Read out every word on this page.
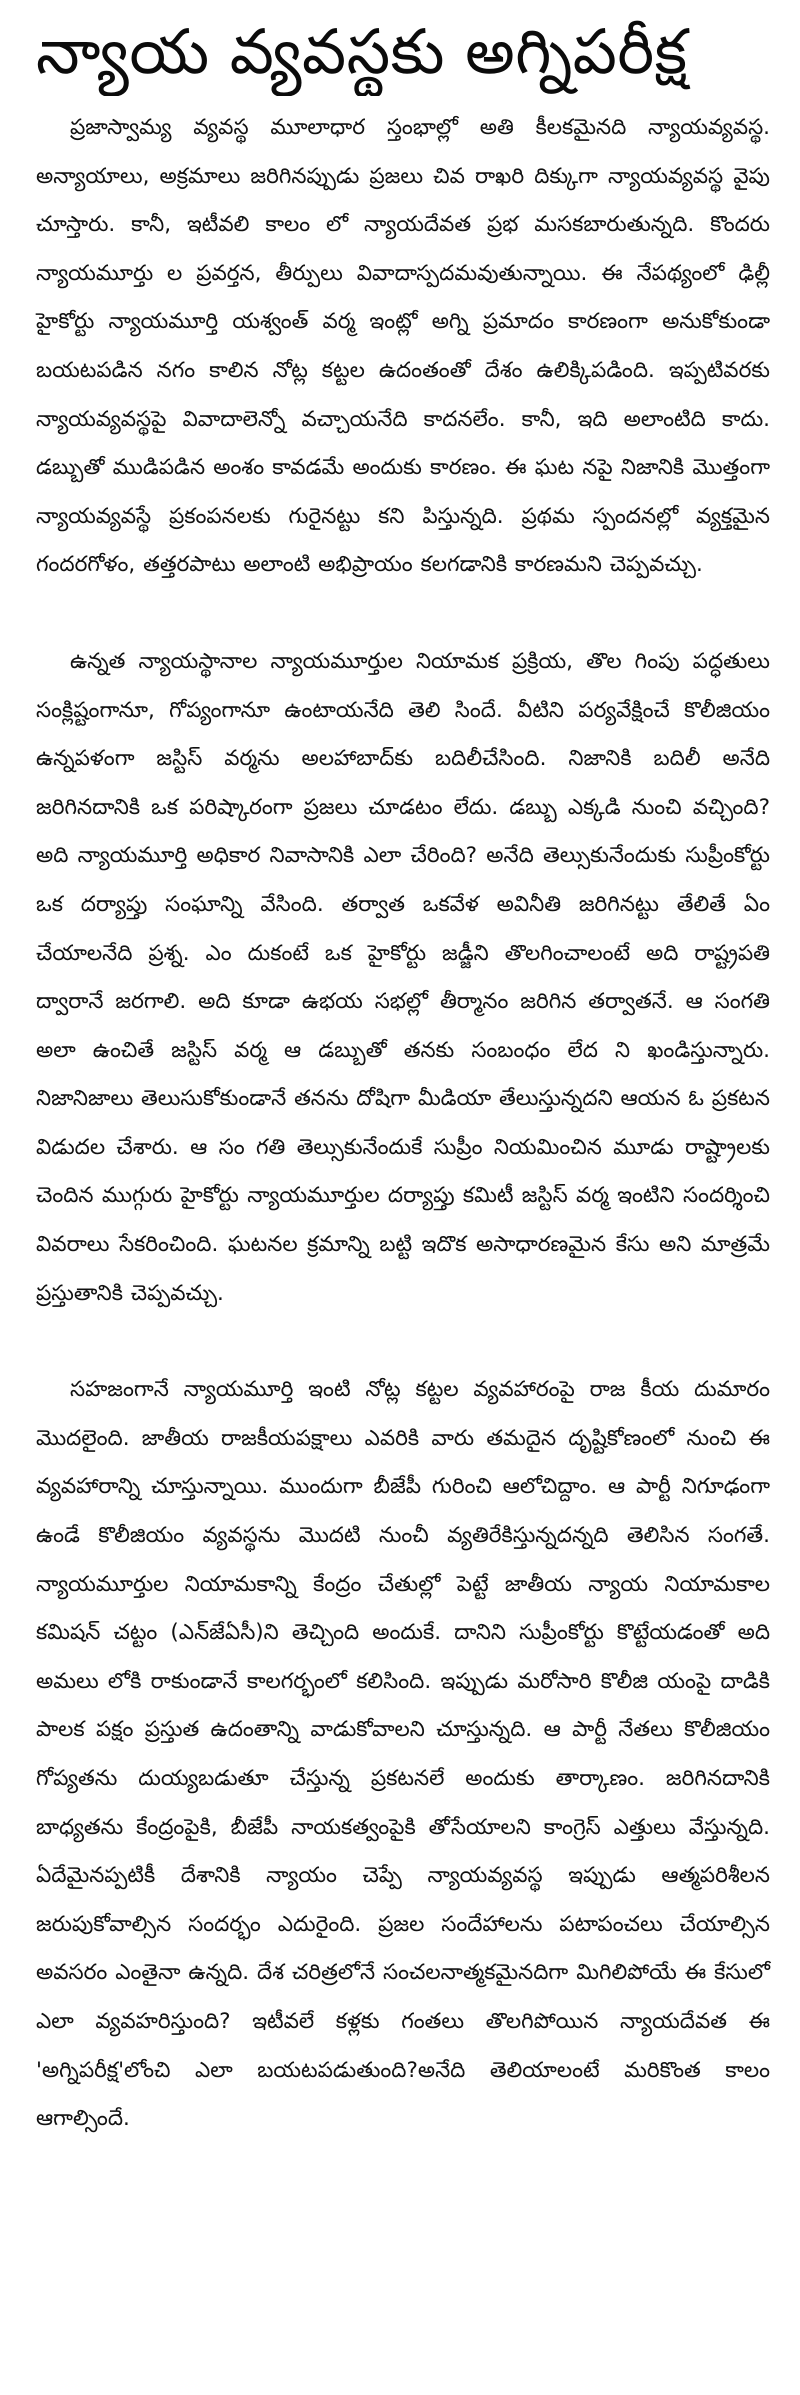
న్యాయ వ్యవస్థకు అగ్నిపరీక్ష

ప్రజాస్వామ్య వ్యవస్థ మూలాధార స్తంభాల్లో అతి కీలకమైనది న్యాయవ్యవస్థ. అన్యాయాలు, అక్రమాలు జరిగినప్పుడు ప్రజలు చివ రాఖరి దిక్కుగా న్యాయవ్యవస్థ వైపు చూస్తారు. కానీ, ఇటీవలి కాలం లో న్యాయదేవత ప్రభ మసకబారుతున్నది. కొందరు న్యాయమూర్తు ల ప్రవర్తన, తీర్పులు వివాదాస్పదమవుతున్నాయి. ఈ నేపథ్యంలో ఢిల్లీ హైకోర్టు న్యాయమూర్తి యశ్వంత్ వర్మ ఇంట్లో అగ్ని ప్రమాదం కారణంగా అనుకోకుండా బయటపడిన నగం కాలిన నోట్ల కట్టల ఉదంతంతో దేశం ఉలిక్కిపడింది. ఇప్పటివరకు న్యాయవ్యవస్థపై వివాదాలెన్నో వచ్చాయనేది కాదనలేం. కానీ, ఇది అలాంటిది కాదు. డబ్బుతో ముడిపడిన అంశం కావడమే అందుకు కారణం. ఈ ఘట నపై నిజానికి మొత్తంగా న్యాయవ్యవస్థే ప్రకంపనలకు గురైనట్టు కని పిస్తున్నది. ప్రథమ స్పందనల్లో వ్యక్తమైన గందరగోళం, తత్తరపాటు అలాంటి అభిప్రాయం కలగడానికి కారణమని చెప్పవచ్చు.

ఉన్నత న్యాయస్థానాల న్యాయమూర్తుల నియామక ప్రక్రియ, తొల గింపు పద్ధతులు సంక్లిష్టంగానూ, గోప్యంగానూ ఉంటాయనేది తెలి సిందే. వీటిని పర్యవేక్షించే కొలీజియం ఉన్నపళంగా జస్టిస్ వర్మను అలహాబాద్‌కు బదిలీచేసింది. నిజానికి బదిలీ అనేది జరిగినదానికి ఒక పరిష్కారంగా ప్రజలు చూడటం లేదు. డబ్బు ఎక్కడి నుంచి వచ్చింది? అది న్యాయమూర్తి అధికార నివాసానికి ఎలా చేరింది? అనేది తెల్సుకునేందుకు సుప్రీంకోర్టు ఒక దర్యాప్తు సంఘాన్ని వేసింది. తర్వాత ఒకవేళ అవినీతి జరిగినట్టు తేలితే ఏం చేయాలనేది ప్రశ్న. ఎం దుకంటే ఒక హైకోర్టు జడ్జీని తొలగించాలంటే అది రాష్ట్రపతి ద్వారానే జరగాలి. అది కూడా ఉభయ సభల్లో తీర్మానం జరిగిన తర్వాతనే. ఆ సంగతి అలా ఉంచితే జస్టిస్ వర్మ ఆ డబ్బుతో తనకు సంబంధం లేద ని ఖండిస్తున్నారు. నిజానిజాలు తెలుసుకోకుండానే తనను దోషిగా మీడియా తేలుస్తున్నదని ఆయన ఓ ప్రకటన విడుదల చేశారు. ఆ సం గతి తెల్సుకునేందుకే సుప్రీం నియమించిన మూడు రాష్ట్రాలకు చెందిన ముగ్గురు హైకోర్టు న్యాయమూర్తుల దర్యాప్తు కమిటీ జస్టిస్ వర్మ ఇంటిని సందర్శించి వివరాలు సేకరించింది. ఘటనల క్రమాన్ని బట్టి ఇదొక అసాధారణమైన కేసు అని మాత్రమే ప్రస్తుతానికి చెప్పవచ్చు.

సహజంగానే న్యాయమూర్తి ఇంటి నోట్ల కట్టల వ్యవహారంపై రాజ కీయ దుమారం మొదలైంది. జాతీయ రాజకీయపక్షాలు ఎవరికి వారు తమదైన దృష్టికోణంలో నుంచి ఈ వ్యవహారాన్ని చూస్తున్నాయి. ముందుగా బీజేపీ గురించి ఆలోచిద్దాం. ఆ పార్టీ నిగూఢంగా ఉండే కొలీజియం వ్యవస్థను మొదటి నుంచీ వ్యతిరేకిస్తున్నదన్నది తెలిసిన సంగతే. న్యాయమూర్తుల నియామకాన్ని కేంద్రం చేతుల్లో పెట్టే జాతీయ న్యాయ నియామకాల కమిషన్ చట్టం (ఎన్‌జేఏసీ)ని తెచ్చింది అందుకే. దానిని సుప్రీంకోర్టు కొట్టేయడంతో అది అమలు లోకి రాకుండానే కాలగర్భంలో కలిసింది. ఇప్పుడు మరోసారి కొలీజి యంపై దాడికి పాలక పక్షం ప్రస్తుత ఉదంతాన్ని వాడుకోవాలని చూస్తున్నది. ఆ పార్టీ నేతలు కొలీజియం గోప్యతను దుయ్యబడుతూ చేస్తున్న ప్రకటనలే అందుకు తార్కాణం. జరిగినదానికి బాధ్యతను కేంద్రంపైకి, బీజేపీ నాయకత్వంపైకి తోసేయాలని కాంగ్రెస్ ఎత్తులు వేస్తున్నది. ఏదేమైనప్పటికీ దేశానికి న్యాయం చెప్పే న్యాయవ్యవస్థ ఇప్పుడు ఆత్మపరిశీలన జరుపుకోవాల్సిన సందర్భం ఎదురైంది. ప్రజల సందేహాలను పటాపంచలు చేయాల్సిన అవసరం ఎంతైనా ఉన్నది. దేశ చరిత్రలోనే సంచలనాత్మకమైనదిగా మిగిలిపోయే ఈ కేసులో ఎలా వ్యవహరిస్తుంది? ఇటీవలే కళ్లకు గంతలు తొలగిపోయిన న్యాయదేవత ఈ 'అగ్నిపరీక్ష'లోంచి ఎలా బయటపడుతుంది?అనేది తెలియాలంటే మరికొంత కాలం ఆగాల్సిందే.
